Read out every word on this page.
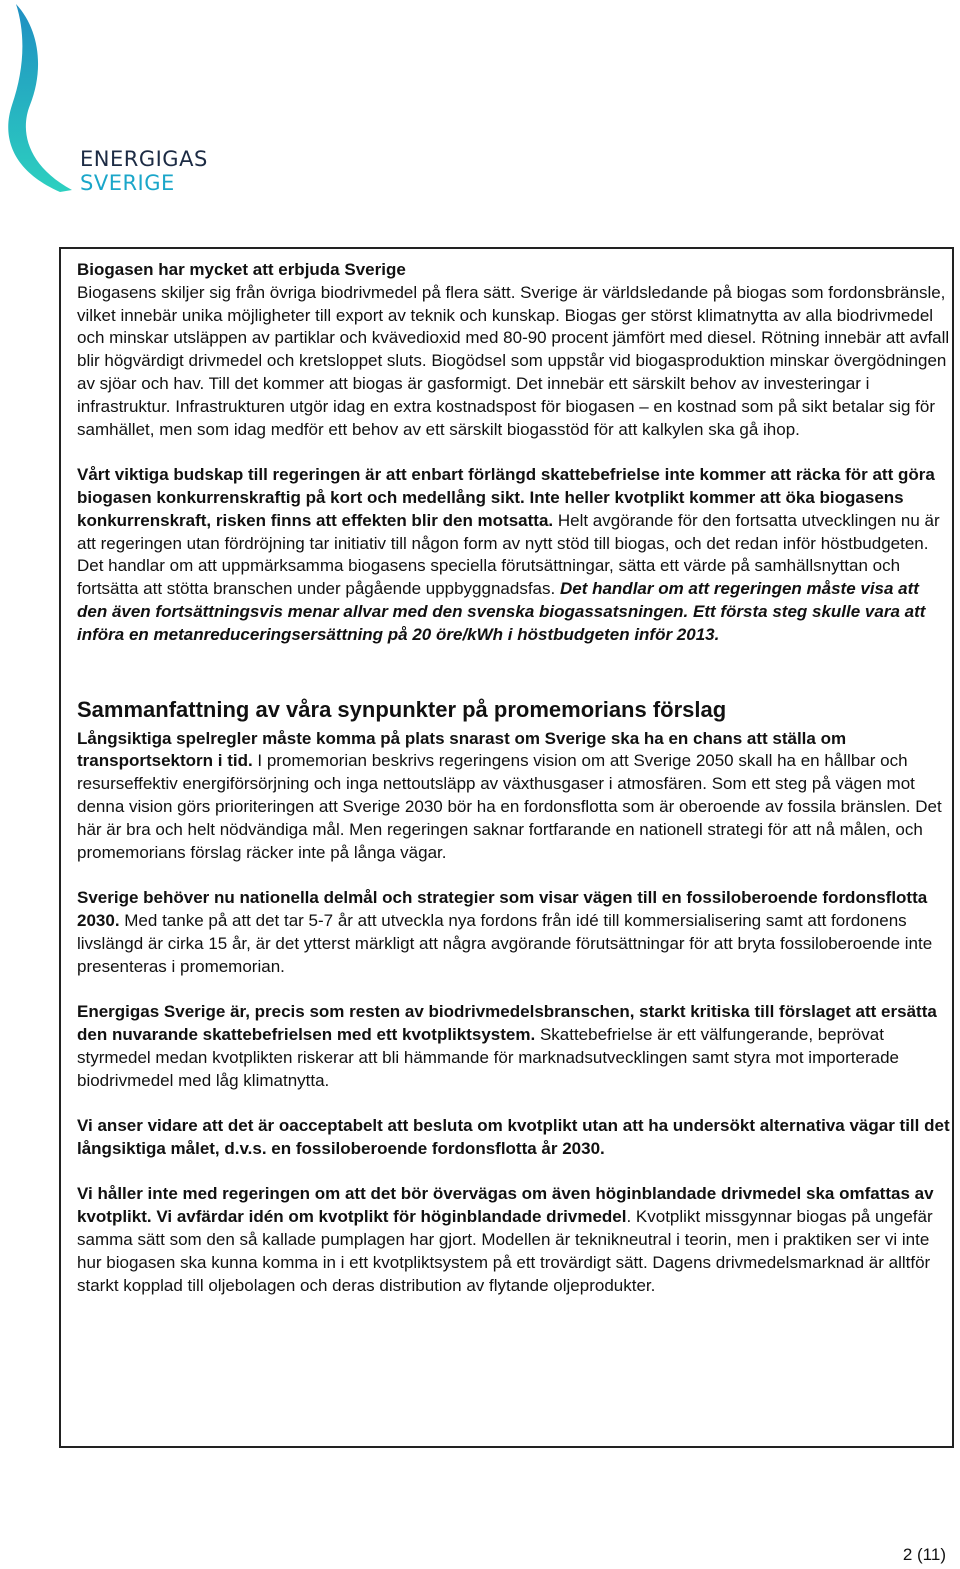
ENERGIGAS
SVERIGE

Biogasen har mycket att erbjuda Sverige

Biogasens skiljer sig från övriga biodrivmedel på flera sätt. Sverige är världsledande på biogas som fordonsbränsle, vilket innebär unika möjligheter till export av teknik och kunskap. Biogas ger störst klimatnytta av alla biodrivmedel och minskar utsläppen av partiklar och kvävedioxid med 80-90 procent jämfört med diesel. Rötning innebär att avfall blir högvärdigt drivmedel och kretsloppet sluts. Biogödsel som uppstår vid biogasproduktion minskar övergödningen av sjöar och hav. Till det kommer att biogas är gasformigt. Det innebär ett särskilt behov av investeringar i infrastruktur. Infrastrukturen utgör idag en extra kostnadspost för biogasen – en kostnad som på sikt betalar sig för samhället, men som idag medför ett behov av ett särskilt biogasstöd för att kalkylen ska gå ihop.

Vårt viktiga budskap till regeringen är att enbart förlängd skattebefrielse inte kommer att räcka för att göra biogasen konkurrenskraftig på kort och medellång sikt. Inte heller kvotplikt kommer att öka biogasens konkurrenskraft, risken finns att effekten blir den motsatta. Helt avgörande för den fortsatta utvecklingen nu är att regeringen utan fördröjning tar initiativ till någon form av nytt stöd till biogas, och det redan inför höstbudgeten. Det handlar om att uppmärksamma biogasens speciella förutsättningar, sätta ett värde på samhällsnyttan och fortsätta att stötta branschen under pågående uppbyggnadsfas. Det handlar om att regeringen måste visa att den även fortsättningsvis menar allvar med den svenska biogassatsningen. Ett första steg skulle vara att införa en metanreduceringsersättning på 20 öre/kWh i höstbudgeten inför 2013.

Sammanfattning av våra synpunkter på promemorians förslag

Långsiktiga spelregler måste komma på plats snarast om Sverige ska ha en chans att ställa om transportsektorn i tid. I promemorian beskrivs regeringens vision om att Sverige 2050 skall ha en hållbar och resurseffektiv energiförsörjning och inga nettoutsläpp av växthusgaser i atmosfären. Som ett steg på vägen mot denna vision görs prioriteringen att Sverige 2030 bör ha en fordonsflotta som är oberoende av fossila bränslen. Det här är bra och helt nödvändiga mål. Men regeringen saknar fortfarande en nationell strategi för att nå målen, och promemorians förslag räcker inte på långa vägar.

Sverige behöver nu nationella delmål och strategier som visar vägen till en fossiloberoende fordonsflotta 2030. Med tanke på att det tar 5-7 år att utveckla nya fordons från idé till kommersialisering samt att fordonens livslängd är cirka 15 år, är det ytterst märkligt att några avgörande förutsättningar för att bryta fossiloberoende inte presenteras i promemorian.

Energigas Sverige är, precis som resten av biodrivmedelsbranschen, starkt kritiska till förslaget att ersätta den nuvarande skattebefrielsen med ett kvotpliktsystem. Skattebefrielse är ett välfungerande, beprövat styrmedel medan kvotplikten riskerar att bli hämmande för marknadsutvecklingen samt styra mot importerade biodrivmedel med låg klimatnytta.

Vi anser vidare att det är oacceptabelt att besluta om kvotplikt utan att ha undersökt alternativa vägar till det långsiktiga målet, d.v.s. en fossiloberoende fordonsflotta år 2030.

Vi håller inte med regeringen om att det bör övervägas om även höginblandade drivmedel ska omfattas av kvotplikt. Vi avfärdar idén om kvotplikt för höginblandade drivmedel. Kvotplikt missgynnar biogas på ungefär samma sätt som den så kallade pumplagen har gjort. Modellen är teknikneutral i teorin, men i praktiken ser vi inte hur biogasen ska kunna komma in i ett kvotpliktsystem på ett trovärdigt sätt. Dagens drivmedelsmarknad är alltför starkt kopplad till oljebolagen och deras distribution av flytande oljeprodukter.

2 (11)
